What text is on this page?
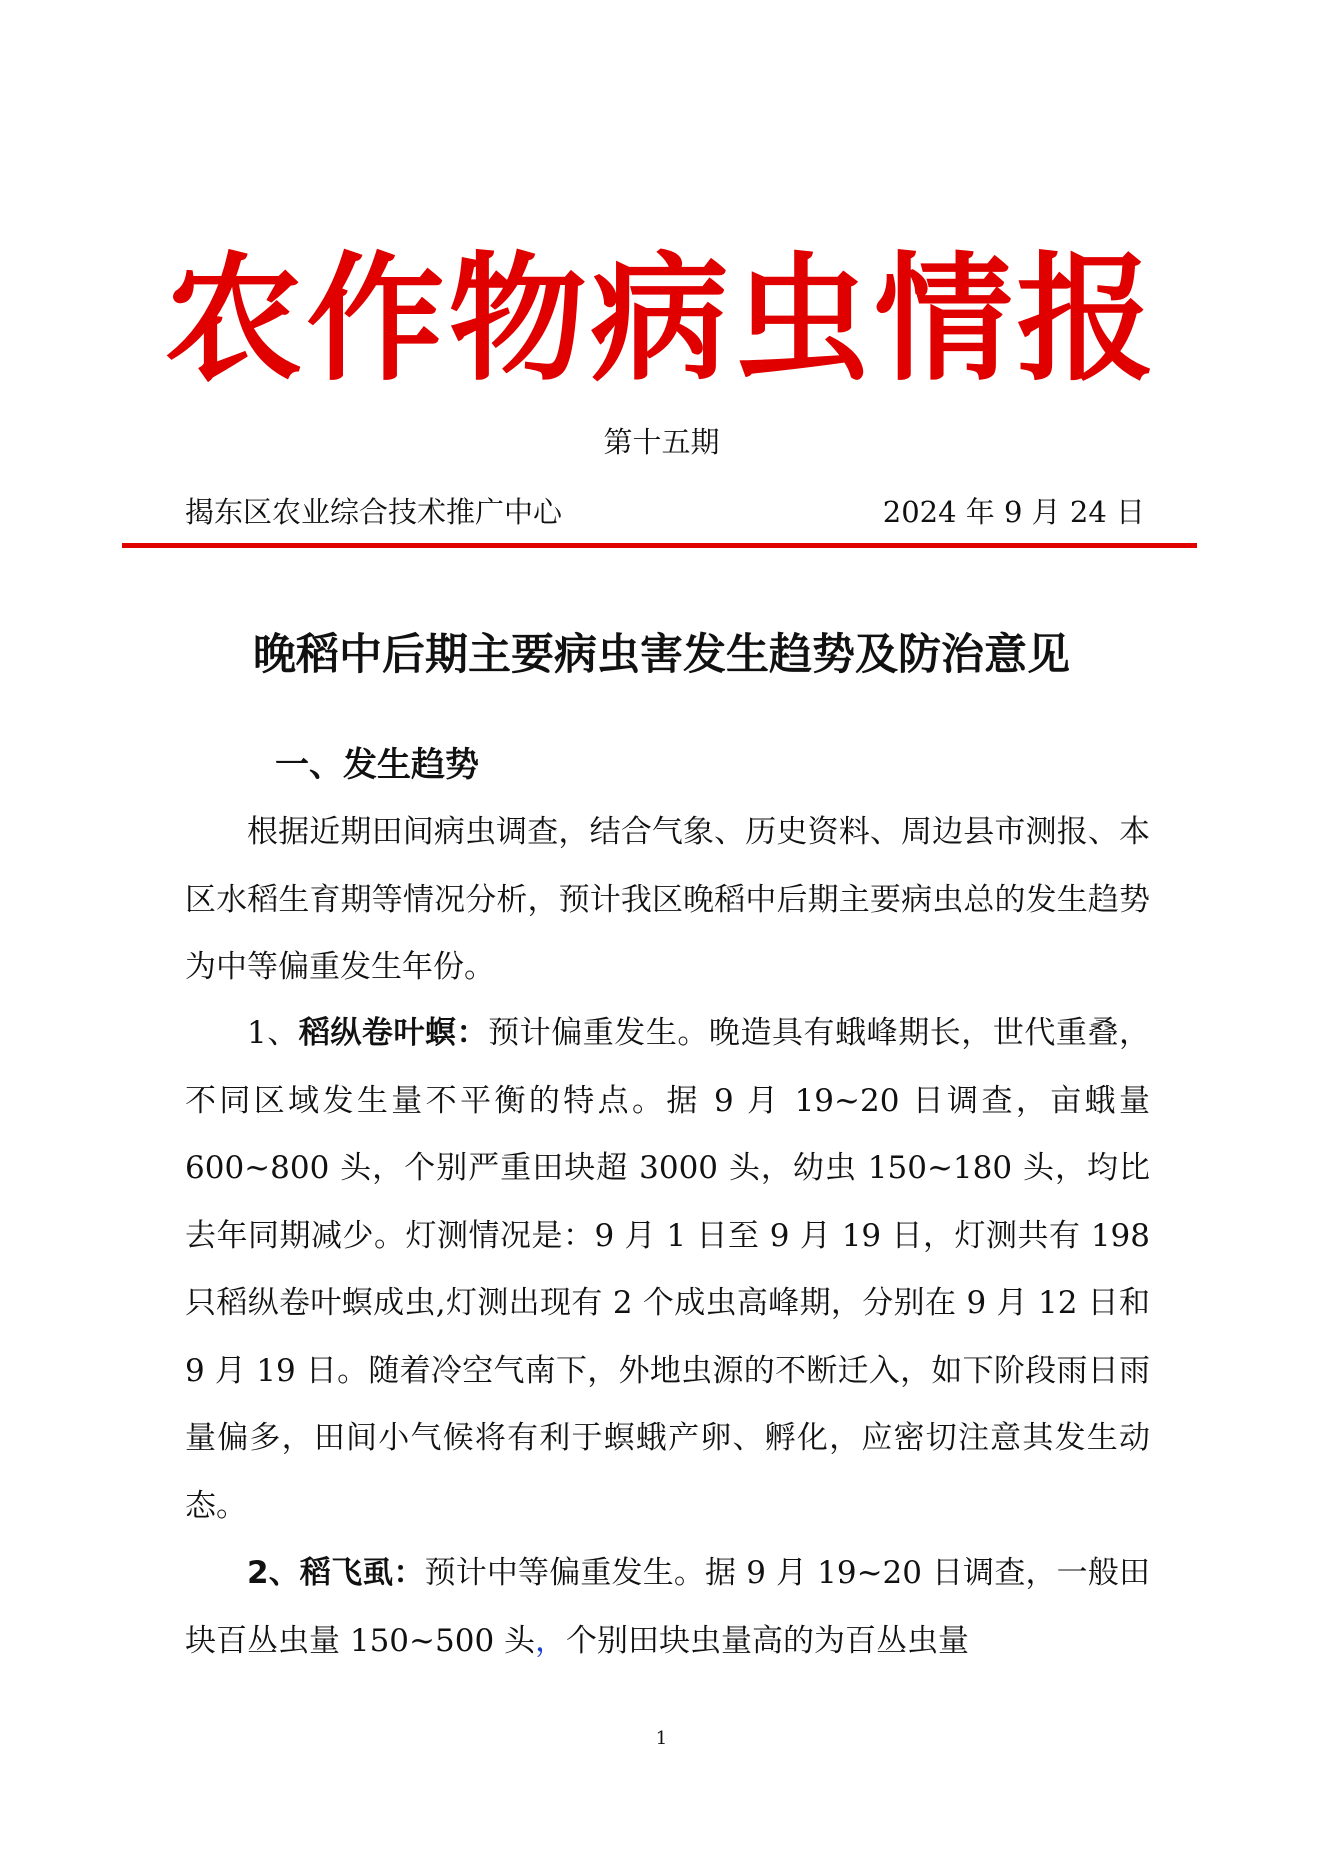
农作物病虫情报
第十五期
揭东区农业综合技术推广中心	2024 年 9 月 24 日
晚稻中后期主要病虫害发生趋势及防治意见
一、发生趋势

根据近期田间病虫调查，结合气象、历史资料、周边县市测报、本区水稻生育期等情况分析，预计我区晚稻中后期主要病虫总的发生趋势为中等偏重发生年份。

1、稻纵卷叶螟：预计偏重发生。晚造具有蛾峰期长，世代重叠，不同区域发生量不平衡的特点。据 9 月 19~20 日调查，亩蛾量 600~800 头，个别严重田块超 3000 头，幼虫 150~180 头，均比去年同期减少。灯测情况是：9 月 1 日至 9 月 19 日，灯测共有 198 只稻纵卷叶螟成虫,灯测出现有 2 个成虫高峰期，分别在 9 月 12 日和 9 月 19 日。随着冷空气南下，外地虫源的不断迁入，如下阶段雨日雨量偏多，田间小气候将有利于螟蛾产卵、孵化，应密切注意其发生动态。

2、稻飞虱：预计中等偏重发生。据 9 月 19~20 日调查，一般田块百丛虫量 150~500 头，个别田块虫量高的为百丛虫量

1
